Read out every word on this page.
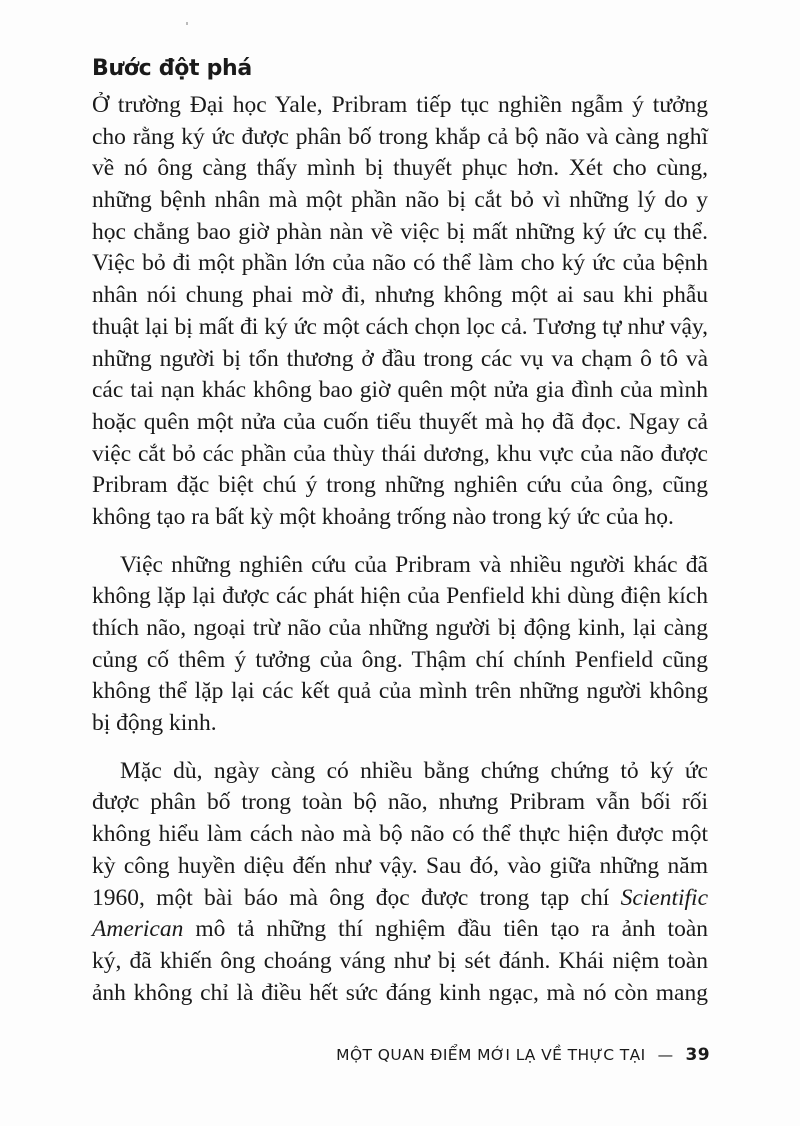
Bước đột phá

Ở trường Đại học Yale, Pribram tiếp tục nghiền ngẫm ý tưởng
cho rằng ký ức được phân bố trong khắp cả bộ não và càng nghĩ
về nó ông càng thấy mình bị thuyết phục hơn. Xét cho cùng,
những bệnh nhân mà một phần não bị cắt bỏ vì những lý do y
học chẳng bao giờ phàn nàn về việc bị mất những ký ức cụ thể.
Việc bỏ đi một phần lớn của não có thể làm cho ký ức của bệnh
nhân nói chung phai mờ đi, nhưng không một ai sau khi phẫu
thuật lại bị mất đi ký ức một cách chọn lọc cả. Tương tự như vậy,
những người bị tổn thương ở đầu trong các vụ va chạm ô tô và
các tai nạn khác không bao giờ quên một nửa gia đình của mình
hoặc quên một nửa của cuốn tiểu thuyết mà họ đã đọc. Ngay cả
việc cắt bỏ các phần của thùy thái dương, khu vực của não được
Pribram đặc biệt chú ý trong những nghiên cứu của ông, cũng
không tạo ra bất kỳ một khoảng trống nào trong ký ức của họ.

Việc những nghiên cứu của Pribram và nhiều người khác đã
không lặp lại được các phát hiện của Penfield khi dùng điện kích
thích não, ngoại trừ não của những người bị động kinh, lại càng
củng cố thêm ý tưởng của ông. Thậm chí chính Penfield cũng
không thể lặp lại các kết quả của mình trên những người không
bị động kinh.

Mặc dù, ngày càng có nhiều bằng chứng chứng tỏ ký ức
được phân bố trong toàn bộ não, nhưng Pribram vẫn bối rối
không hiểu làm cách nào mà bộ não có thể thực hiện được một
kỳ công huyền diệu đến như vậy. Sau đó, vào giữa những năm
1960, một bài báo mà ông đọc được trong tạp chí Scientific
American mô tả những thí nghiệm đầu tiên tạo ra ảnh toàn
ký, đã khiến ông choáng váng như bị sét đánh. Khái niệm toàn
ảnh không chỉ là điều hết sức đáng kinh ngạc, mà nó còn mang

MỘT QUAN ĐIỂM MỚI LẠ VỀ THỰC TẠI — 39
